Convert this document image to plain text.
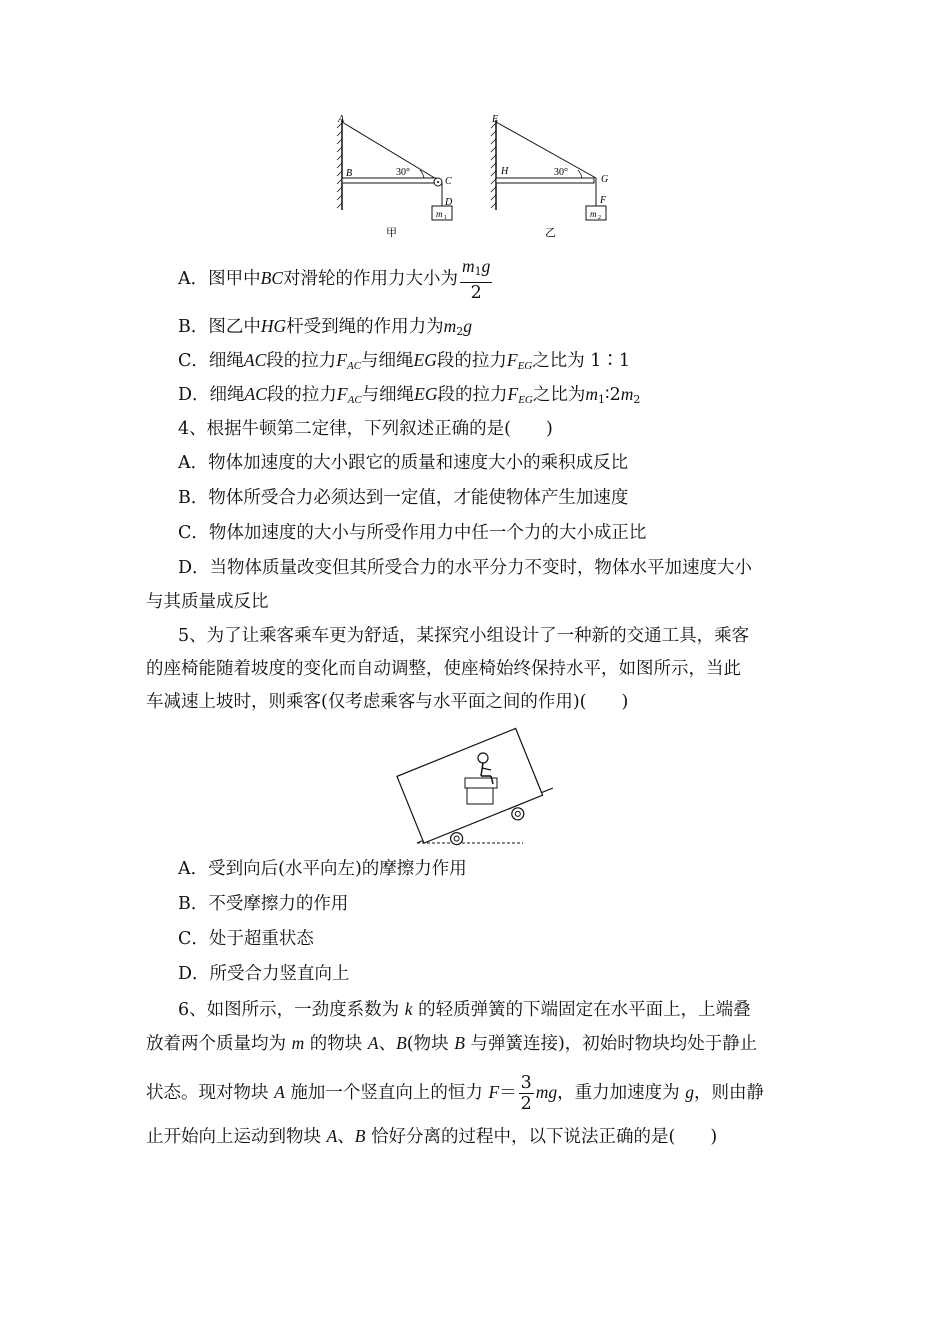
A
B	30°
C
D
m 1
甲
E
H	30°
G
F
m 2
乙
A．图甲中BC对滑轮的作用力大小为 $\frac{m_1g}{2}$
B．图乙中HG杆受到绳的作用力为$m_2g$
C．细绳AC段的拉力$F_{AC}$与细绳EG段的拉力$F_{EG}$之比为 1∶1
D．细绳AC段的拉力$F_{AC}$与细绳EG段的拉力$F_{EG}$之比为$m_1∶2m_2$
4、根据牛顿第二定律，下列叙述正确的是(　　)
A．物体加速度的大小跟它的质量和速度大小的乘积成反比
B．物体所受合力必须达到一定值，才能使物体产生加速度
C．物体加速度的大小与所受作用力中任一个力的大小成正比
D．当物体质量改变但其所受合力的水平分力不变时，物体水平加速度大小
与其质量成反比
5、为了让乘客乘车更为舒适，某探究小组设计了一种新的交通工具，乘客
的座椅能随着坡度的变化而自动调整，使座椅始终保持水平，如图所示，当此
车减速上坡时，则乘客(仅考虑乘客与水平面之间的作用)(　　)
A．受到向后(水平向左)的摩擦力作用
B．不受摩擦力的作用
C．处于超重状态
D．所受合力竖直向上
6、如图所示，一劲度系数为 k 的轻质弹簧的下端固定在水平面上，上端叠
放着两个质量均为 m 的物块 A、B(物块 B 与弹簧连接)，初始时物块均处于静止
状态。现对物块 A 施加一个竖直向上的恒力 $F= \frac{3}{2}$ mg，重力加速度为 g，则由静
止开始向上运动到物块 A、B 恰好分离的过程中，以下说法正确的是(　　)
